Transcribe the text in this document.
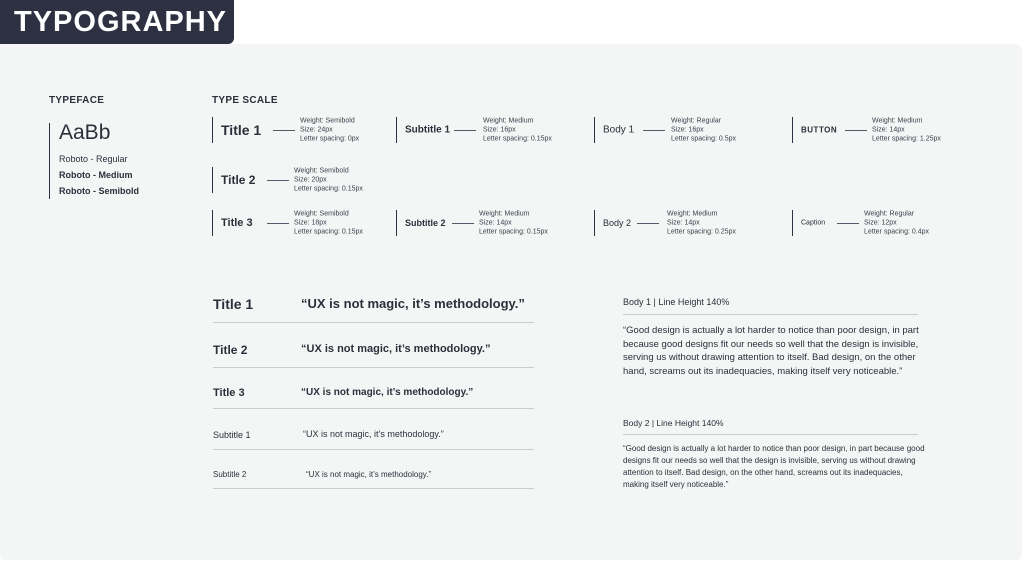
TYPOGRAPHY
TYPEFACE
AaBb
Roboto - Regular
Roboto - Medium
Roboto - Semibold
TYPE SCALE
Title 1
Weight: Semibold
Size: 24px
Letter spacing: 0px
Subtitle 1
Weight: Medium
Size: 16px
Letter spacing: 0.15px
Body 1
Weight: Regular
Size: 16px
Letter spacing: 0.5px
BUTTON
Weight: Medium
Size: 14px
Letter spacing: 1.25px
Title 2
Weight: Semibold
Size: 20px
Letter spacing: 0.15px
Title 3
Weight: Semibold
Size: 18px
Letter spacing: 0.15px
Subtitle 2
Weight: Medium
Size: 14px
Letter spacing: 0.15px
Body 2
Weight: Medium
Size: 14px
Letter spacing: 0.25px
Caption
Weight: Regular
Size: 12px
Letter spacing: 0.4px
Title 1	“UX is not magic, it’s methodology.”
Title 2	“UX is not magic, it’s methodology.”
Title 3	“UX is not magic, it’s methodology.”
Subtitle 1	“UX is not magic, it’s methodology.”
Subtitle 2	“UX is not magic, it’s methodology.”
Body 1 | Line Height 140%
“Good design is actually a lot harder to notice than poor design, in part because good designs fit our needs so well that the design is invisible, serving us without drawing attention to itself. Bad design, on the other hand, screams out its inadequacies, making itself very noticeable.”
Body 2 | Line Height 140%
“Good design is actually a lot harder to notice than poor design, in part because good designs fit our needs so well that the design is invisible, serving us without drawing attention to itself. Bad design, on the other hand, screams out its inadequacies, making itself very noticeable.”
